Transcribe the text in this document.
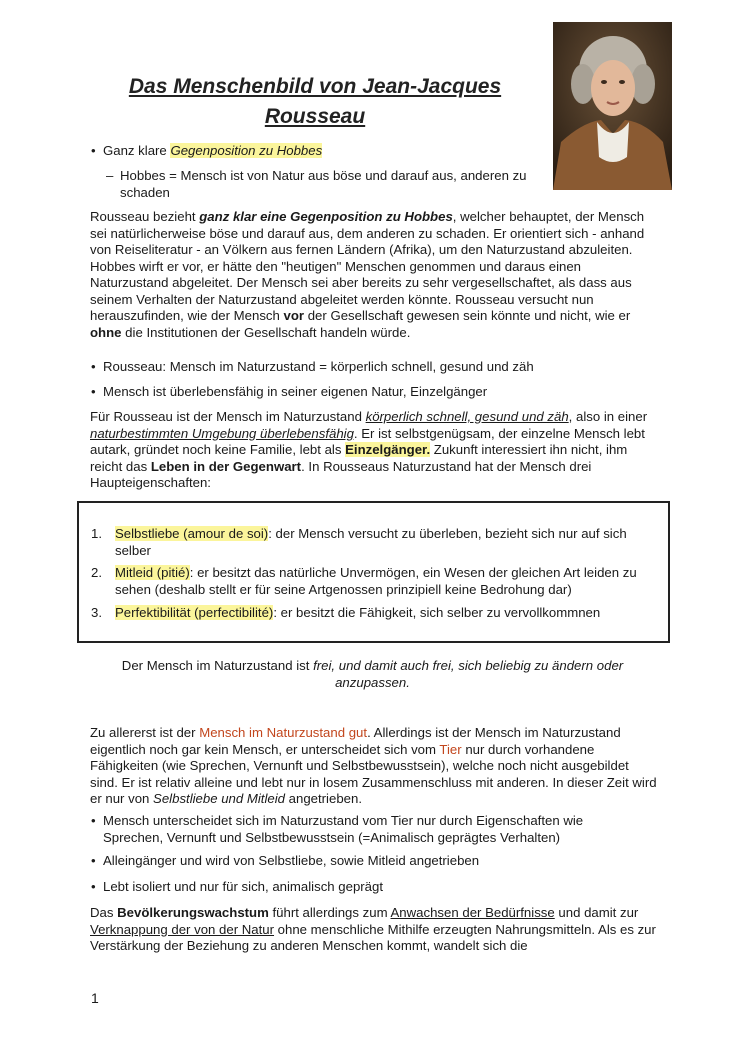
Das Menschenbild von Jean-Jacques
Rousseau
• Ganz klare Gegenposition zu Hobbes
– Hobbes = Mensch ist von Natur aus böse und darauf aus, anderen zu schaden

Rousseau bezieht ganz klar eine Gegenposition zu Hobbes, welcher behauptet, der Mensch sei natürlicherweise böse und darauf aus, dem anderen zu schaden. Er orientiert sich - anhand von Reiseliteratur - an Völkern aus fernen Ländern (Afrika), um den Naturzustand abzuleiten. Hobbes wirft er vor, er hätte den "heutigen" Menschen genommen und daraus einen Naturzustand abgeleitet. Der Mensch sei aber bereits zu sehr vergesellschaftet, als dass aus seinem Verhalten der Naturzustand abgeleitet werden könnte. Rousseau versucht nun herauszufinden, wie der Mensch vor der Gesellschaft gewesen sein könnte und nicht, wie er ohne die Institutionen der Gesellschaft handeln würde.

• Rousseau: Mensch im Naturzustand = körperlich schnell, gesund und zäh
• Mensch ist überlebensfähig in seiner eigenen Natur, Einzelgänger

Für Rousseau ist der Mensch im Naturzustand körperlich schnell, gesund und zäh, also in einer naturbestimmten Umgebung überlebensfähig. Er ist selbstgenügsam, der einzelne Mensch lebt autark, gründet noch keine Familie, lebt als Einzelgänger. Zukunft interessiert ihn nicht, ihm reicht das Leben in der Gegenwart. In Rousseaus Naturzustand hat der Mensch drei Haupteigenschaften:

1. Selbstliebe (amour de soi): der Mensch versucht zu überleben, bezieht sich nur auf sich selber
2. Mitleid (pitié): er besitzt das natürliche Unvermögen, ein Wesen der gleichen Art leiden zu sehen (deshalb stellt er für seine Artgenossen prinzipiell keine Bedrohung dar)
3. Perfektibilität (perfectibilité): er besitzt die Fähigkeit, sich selber zu vervollkommnen

Der Mensch im Naturzustand ist frei, und damit auch frei, sich beliebig zu ändern oder anzupassen.

Zu allererst ist der Mensch im Naturzustand gut. Allerdings ist der Mensch im Naturzustand eigentlich noch gar kein Mensch, er unterscheidet sich vom Tier nur durch vorhandene Fähigkeiten (wie Sprechen, Vernunft und Selbstbewusstsein), welche noch nicht ausgebildet sind. Er ist relativ alleine und lebt nur in losem Zusammenschluss mit anderen. In dieser Zeit wird er nur von Selbstliebe und Mitleid angetrieben.

• Mensch unterscheidet sich im Naturzustand vom Tier nur durch Eigenschaften wie Sprechen, Vernunft und Selbstbewusstsein (=Animalisch geprägtes Verhalten)
• Alleingänger und wird von Selbstliebe, sowie Mitleid angetrieben
• Lebt isoliert und nur für sich, animalisch geprägt

Das Bevölkerungswachstum führt allerdings zum Anwachsen der Bedürfnisse und damit zur Verknappung der von der Natur ohne menschliche Mithilfe erzeugten Nahrungsmitteln. Als es zur Verstärkung der Beziehung zu anderen Menschen kommt, wandelt sich die

1
